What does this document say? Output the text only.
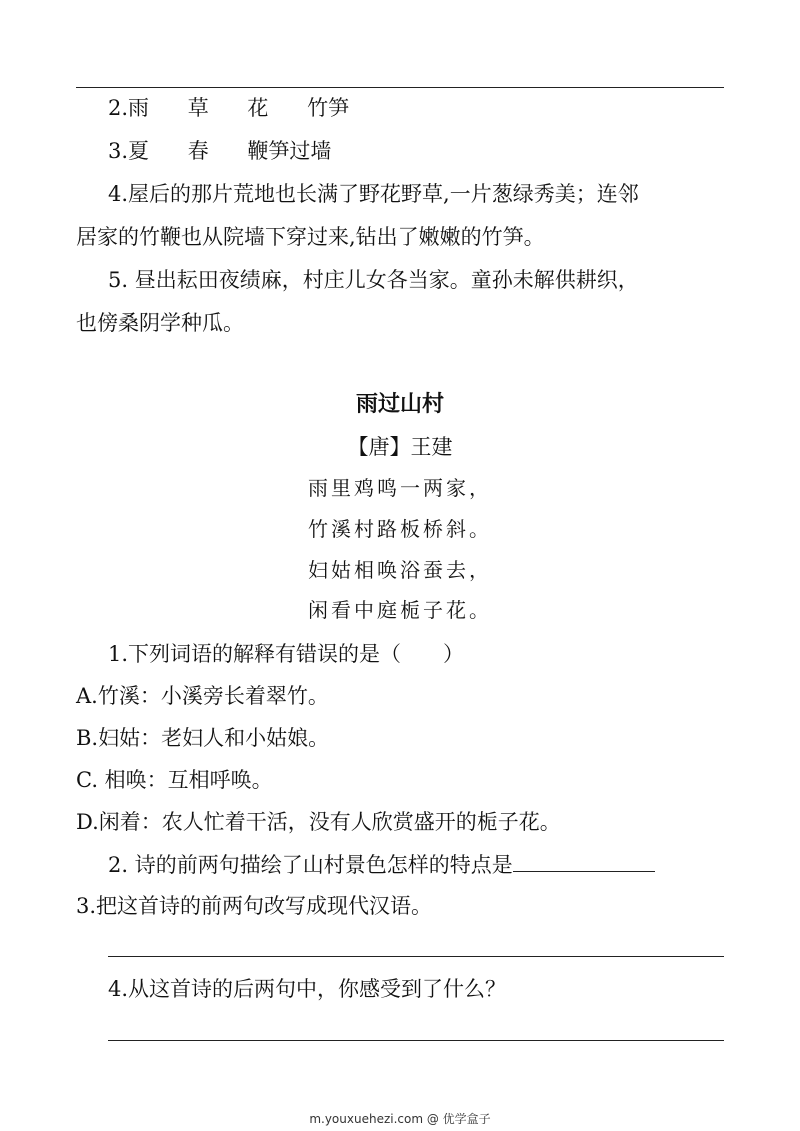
2.雨 草 花 竹笋
3.夏 春 鞭笋过墙
4.屋后的那片荒地也长满了野花野草,一片葱绿秀美；连邻
居家的竹鞭也从院墙下穿过来,钻出了嫩嫩的竹笋。
5. 昼出耘田夜绩麻，村庄儿女各当家。童孙未解供耕织，
也傍桑阴学种瓜。
雨过山村
【唐】王建
雨里鸡鸣一两家，
竹溪村路板桥斜。
妇姑相唤浴蚕去，
闲看中庭栀子花。
1.下列词语的解释有错误的是（　　）
A.竹溪：小溪旁长着翠竹。
B.妇姑：老妇人和小姑娘。
C. 相唤：互相呼唤。
D.闲着：农人忙着干活，没有人欣赏盛开的栀子花。
2. 诗的前两句描绘了山村景色怎样的特点是
3.把这首诗的前两句改写成现代汉语。
4.从这首诗的后两句中，你感受到了什么？
m.youxuehezi.com @ 优学盒子
